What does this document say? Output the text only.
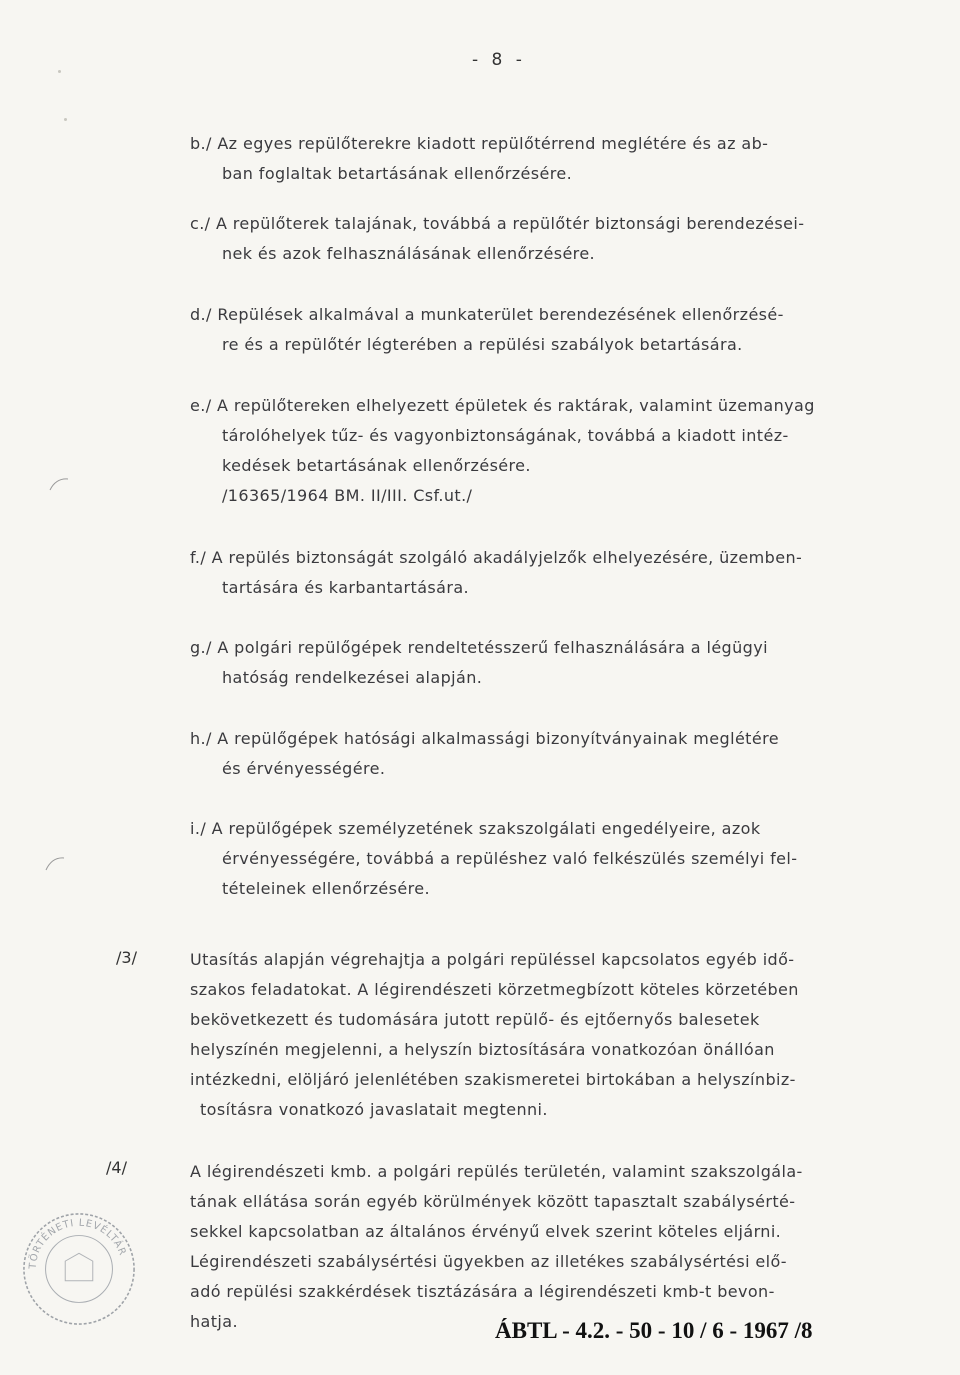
- 8 -
b./ Az egyes repülőterekre kiadott repülőtérrend meglétére és az ab-
ban foglaltak betartásának ellenőrzésére.
c./ A repülőterek talajának, továbbá a repülőtér biztonsági berendezései-
nek és azok felhasználásának ellenőrzésére.
d./ Repülések alkalmával a munkaterület berendezésének ellenőrzésé-
re és a repülőtér légterében a repülési szabályok betartására.
e./ A repülőtereken elhelyezett épületek és raktárak, valamint üzemanyag
tárolóhelyek tűz- és vagyonbiztonságának, továbbá a kiadott intéz-
kedések betartásának ellenőrzésére.
/16365/1964 BM. II/III. Csf.ut./
f./ A repülés biztonságát szolgáló akadályjelzők elhelyezésére, üzemben-
tartására és karbantartására.
g./ A polgári repülőgépek rendeltetésszerű felhasználására a légügyi
hatóság rendelkezései alapján.
h./ A repülőgépek hatósági alkalmassági bizonyítványainak meglétére
és érvényességére.
i./ A repülőgépek személyzetének szakszolgálati engedélyeire, azok
érvényességére, továbbá a repüléshez való felkészülés személyi fel-
tételeinek ellenőrzésére.
/3/	Utasítás alapján végrehajtja a polgári repüléssel kapcsolatos egyéb idő-
szakos feladatokat. A légirendészeti körzetmegbízott köteles körzetében
bekövetkezett és tudomására jutott repülő- és ejtőernyős balesetek
helyszínén megjelenni, a helyszín biztosítására vonatkozóan önállóan
intézkedni, elöljáró jelenlétében szakismeretei birtokában a helyszínbiz-
tosításra vonatkozó javaslatait megtenni.
/4/	A légirendészeti kmb. a polgári repülés területén, valamint szakszolgála-
tának ellátása során egyéb körülmények között tapasztalt szabálysérté-
sekkel kapcsolatban az általános érvényű elvek szerint köteles eljárni.
Légirendészeti szabálysértési ügyekben az illetékes szabálysértési elő-
adó repülési szakkérdések tisztázására a légirendészeti kmb-t bevon-
hatja.
TÖRTÉNETI LEVÉLTÁR
ÁBTL - 4.2. - 50 - 10 / 6 - 1967 /8
